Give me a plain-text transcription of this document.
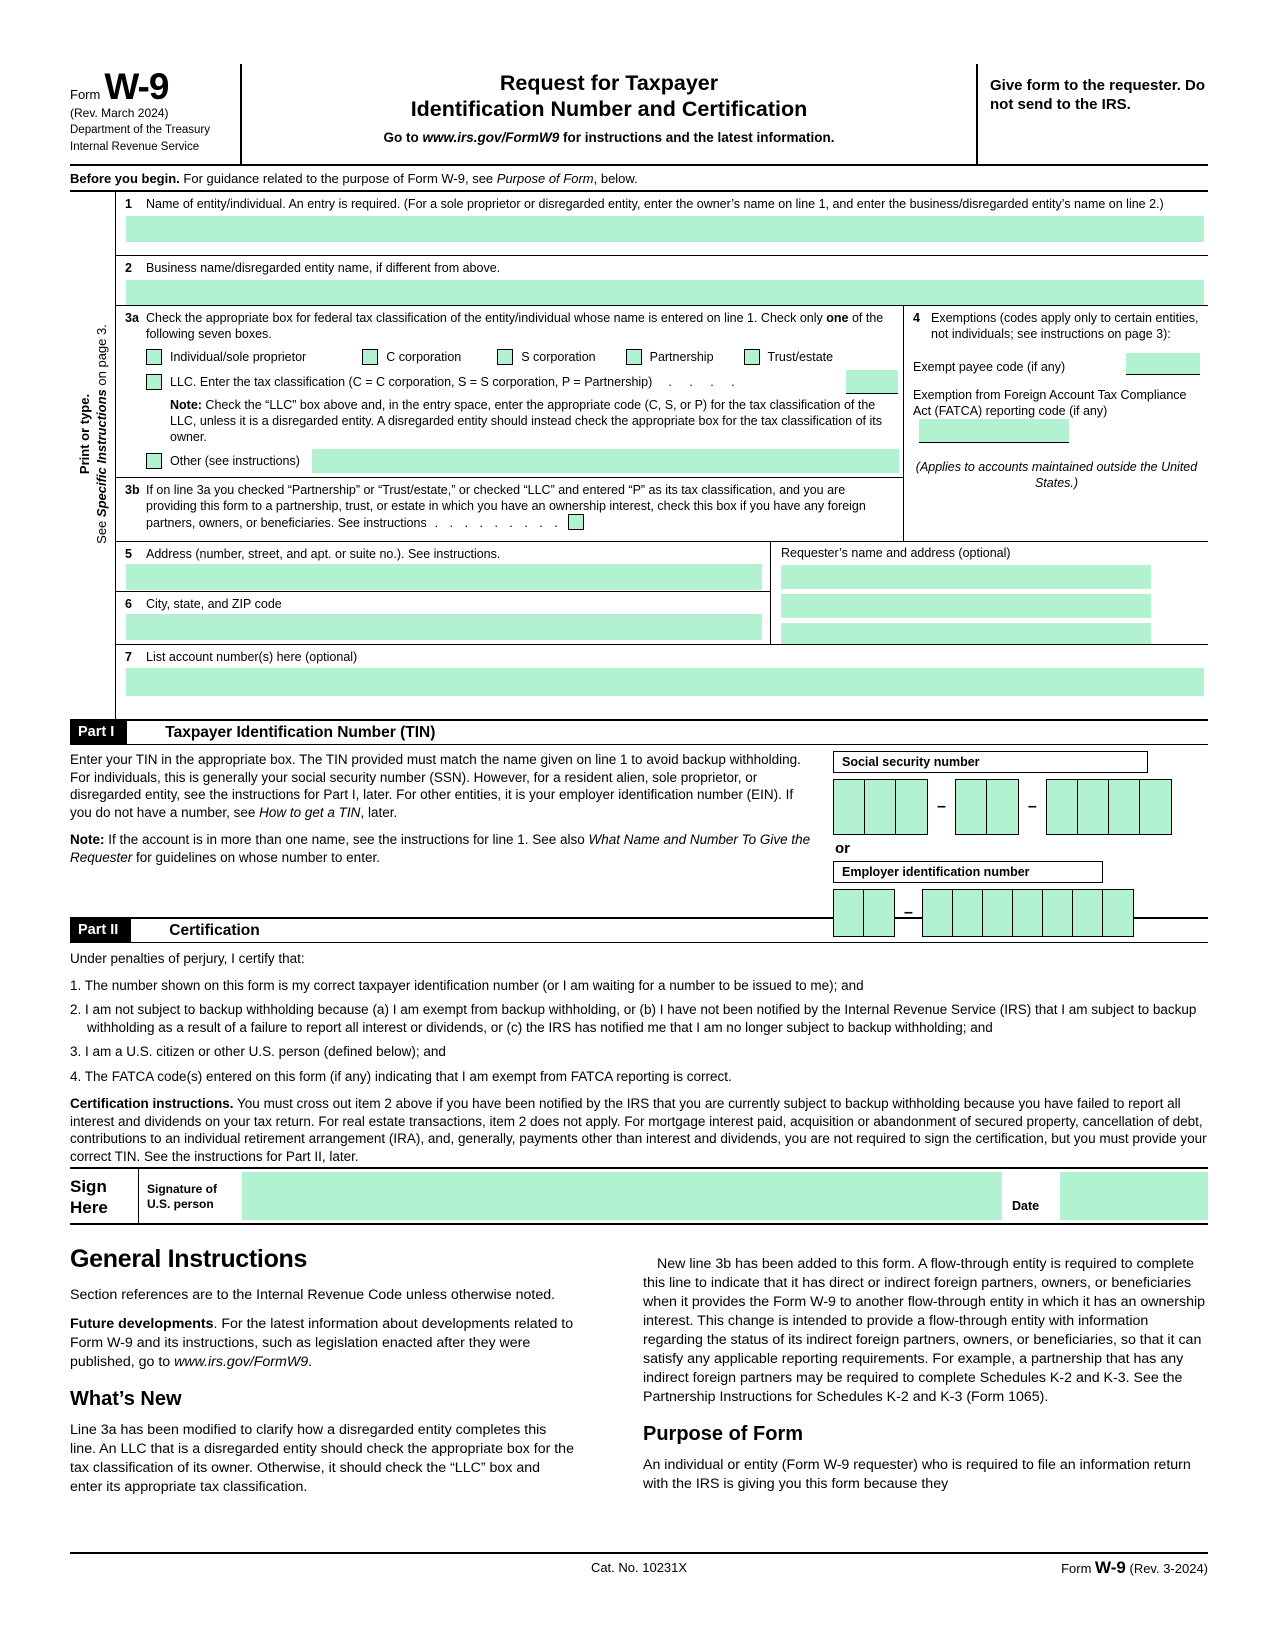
Form W-9
(Rev. March 2024)
Department of the Treasury
Internal Revenue Service
Request for Taxpayer
Identification Number and Certification
Go to www.irs.gov/FormW9 for instructions and the latest information.
Give form to the requester. Do not send to the IRS.
Before you begin. For guidance related to the purpose of Form W-9, see Purpose of Form, below.
Print or type.
See Specific Instructions on page 3.
1	Name of entity/individual. An entry is required. (For a sole proprietor or disregarded entity, enter the owner’s name on line 1, and enter the business/disregarded entity’s name on line 2.)
2	Business name/disregarded entity name, if different from above.
3a Check the appropriate box for federal tax classification of the entity/individual whose name is entered on line 1. Check only one of the following seven boxes.
Individual/sole proprietor	C corporation	S corporation	Partnership	Trust/estate
LLC. Enter the tax classification (C = C corporation, S = S corporation, P = Partnership) . . . .
Note: Check the “LLC” box above and, in the entry space, enter the appropriate code (C, S, or P) for the tax classification of the LLC, unless it is a disregarded entity. A disregarded entity should instead check the appropriate box for the tax classification of its owner.
Other (see instructions)
3b If on line 3a you checked “Partnership” or “Trust/estate,” or checked “LLC” and entered “P” as its tax classification, and you are providing this form to a partnership, trust, or estate in which you have an ownership interest, check this box if you have any foreign partners, owners, or beneficiaries. See instructions . . . . . . . . .
4 Exemptions (codes apply only to certain entities, not individuals; see instructions on page 3):
Exempt payee code (if any)
Exemption from Foreign Account Tax Compliance Act (FATCA) reporting code (if any)
(Applies to accounts maintained outside the United States.)
5	Address (number, street, and apt. or suite no.). See instructions.
6	City, state, and ZIP code
Requester’s name and address (optional)
7	List account number(s) here (optional)
Part I	Taxpayer Identification Number (TIN)
Enter your TIN in the appropriate box. The TIN provided must match the name given on line 1 to avoid backup withholding. For individuals, this is generally your social security number (SSN). However, for a resident alien, sole proprietor, or disregarded entity, see the instructions for Part I, later. For other entities, it is your employer identification number (EIN). If you do not have a number, see How to get a TIN, later.
Note: If the account is in more than one name, see the instructions for line 1. See also What Name and Number To Give the Requester for guidelines on whose number to enter.
Social security number
–	–
or
Employer identification number
–
Part II	Certification
Under penalties of perjury, I certify that:
1. The number shown on this form is my correct taxpayer identification number (or I am waiting for a number to be issued to me); and
2. I am not subject to backup withholding because (a) I am exempt from backup withholding, or (b) I have not been notified by the Internal Revenue Service (IRS) that I am subject to backup withholding as a result of a failure to report all interest or dividends, or (c) the IRS has notified me that I am no longer subject to backup withholding; and
3. I am a U.S. citizen or other U.S. person (defined below); and
4. The FATCA code(s) entered on this form (if any) indicating that I am exempt from FATCA reporting is correct.
Certification instructions. You must cross out item 2 above if you have been notified by the IRS that you are currently subject to backup withholding because you have failed to report all interest and dividends on your tax return. For real estate transactions, item 2 does not apply. For mortgage interest paid, acquisition or abandonment of secured property, cancellation of debt, contributions to an individual retirement arrangement (IRA), and, generally, payments other than interest and dividends, you are not required to sign the certification, but you must provide your correct TIN. See the instructions for Part II, later.
Sign
Here
Signature of
U.S. person	Date
General Instructions

Section references are to the Internal Revenue Code unless otherwise noted.

Future developments. For the latest information about developments related to Form W-9 and its instructions, such as legislation enacted after they were published, go to www.irs.gov/FormW9.

What’s New

Line 3a has been modified to clarify how a disregarded entity completes this line. An LLC that is a disregarded entity should check the appropriate box for the tax classification of its owner. Otherwise, it should check the “LLC” box and enter its appropriate tax classification.

New line 3b has been added to this form. A flow-through entity is required to complete this line to indicate that it has direct or indirect foreign partners, owners, or beneficiaries when it provides the Form W-9 to another flow-through entity in which it has an ownership interest. This change is intended to provide a flow-through entity with information regarding the status of its indirect foreign partners, owners, or beneficiaries, so that it can satisfy any applicable reporting requirements. For example, a partnership that has any indirect foreign partners may be required to complete Schedules K-2 and K-3. See the Partnership Instructions for Schedules K-2 and K-3 (Form 1065).

Purpose of Form

An individual or entity (Form W-9 requester) who is required to file an information return with the IRS is giving you this form because they

Cat. No. 10231X	Form W-9 (Rev. 3-2024)
